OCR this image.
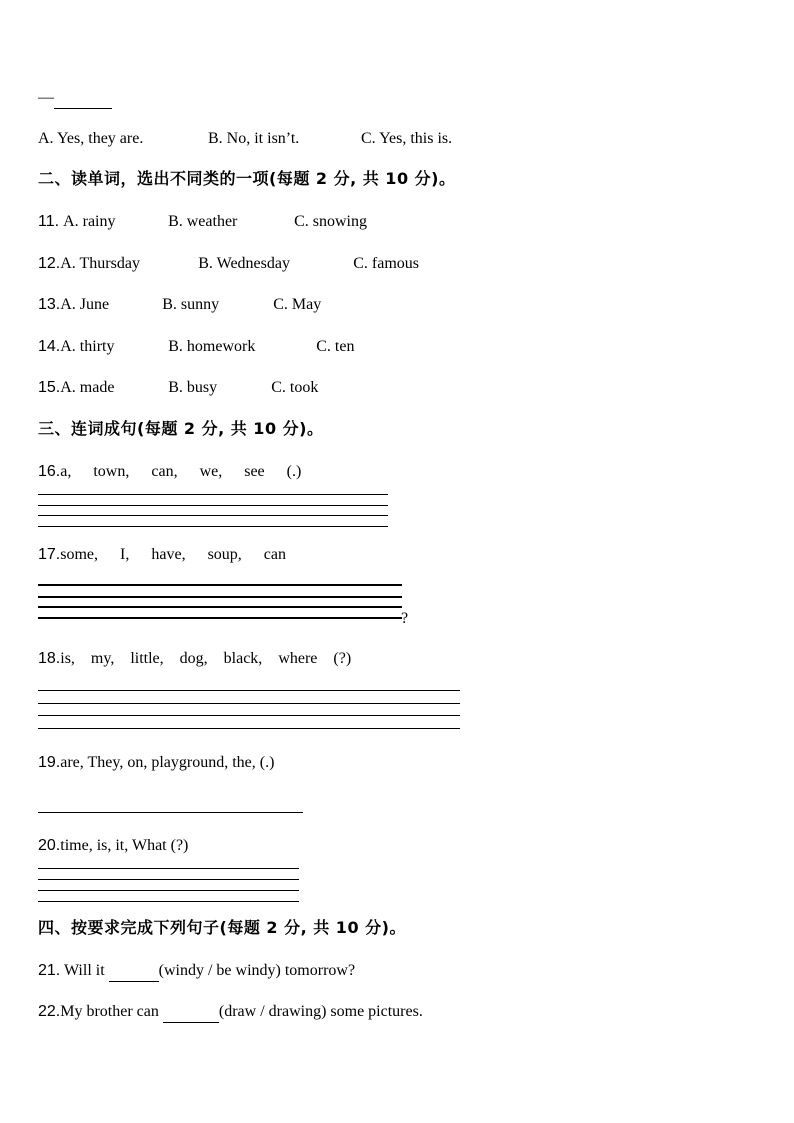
—
A. Yes, they are.	B. No, it isn’t.	C. Yes, this is.
二、读单词，选出不同类的一项(每题 2 分, 共 10 分)。
11. A. rainy	B. weather	C. snowing
12.A. Thursday	B. Wednesday	C. famous
13.A. June	B. sunny	C. May
14.A. thirty	B. homework	C. ten
15.A. made	B. busy	C. took
三、连词成句(每题 2 分, 共 10 分)。
16.a, town, can, we, see (.)
17.some, I, have, soup, can
?
18.is, my, little, dog, black, where (?)
19.are, They, on, playground, the, (.)
20.time, is, it, What (?)
四、按要求完成下列句子(每题 2 分, 共 10 分)。
21. Will it	(windy / be windy) tomorrow?
22.My brother can	(draw / drawing) some pictures.
